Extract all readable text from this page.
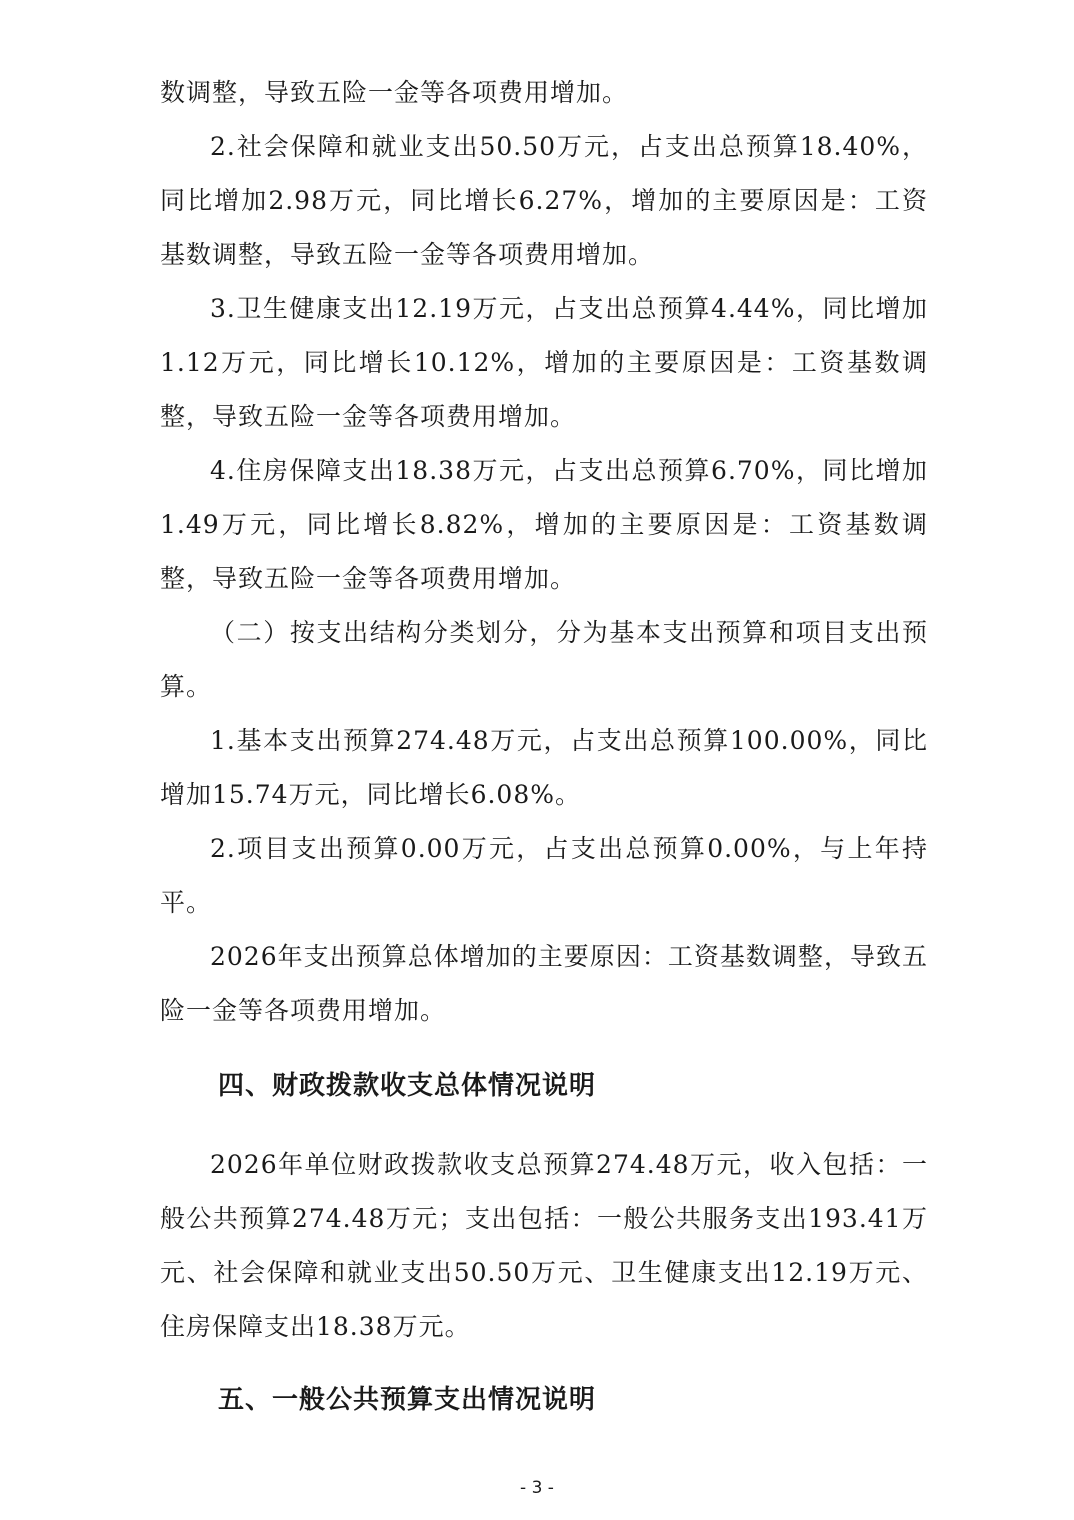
数调整，导致五险一金等各项费用增加。

2.社会保障和就业支出50.50万元，占支出总预算18.40%，同比增加2.98万元，同比增长6.27%，增加的主要原因是：工资基数调整，导致五险一金等各项费用增加。

3.卫生健康支出12.19万元，占支出总预算4.44%，同比增加1.12万元，同比增长10.12%，增加的主要原因是：工资基数调整，导致五险一金等各项费用增加。

4.住房保障支出18.38万元，占支出总预算6.70%，同比增加1.49万元，同比增长8.82%，增加的主要原因是：工资基数调整，导致五险一金等各项费用增加。

（二）按支出结构分类划分，分为基本支出预算和项目支出预算。

1.基本支出预算274.48万元，占支出总预算100.00%，同比增加15.74万元，同比增长6.08%。

2.项目支出预算0.00万元，占支出总预算0.00%，与上年持平。

2026年支出预算总体增加的主要原因：工资基数调整，导致五险一金等各项费用增加。

四、财政拨款收支总体情况说明

2026年单位财政拨款收支总预算274.48万元，收入包括：一般公共预算274.48万元；支出包括：一般公共服务支出193.41万元、社会保障和就业支出50.50万元、卫生健康支出12.19万元、住房保障支出18.38万元。

五、一般公共预算支出情况说明
- 3 -
